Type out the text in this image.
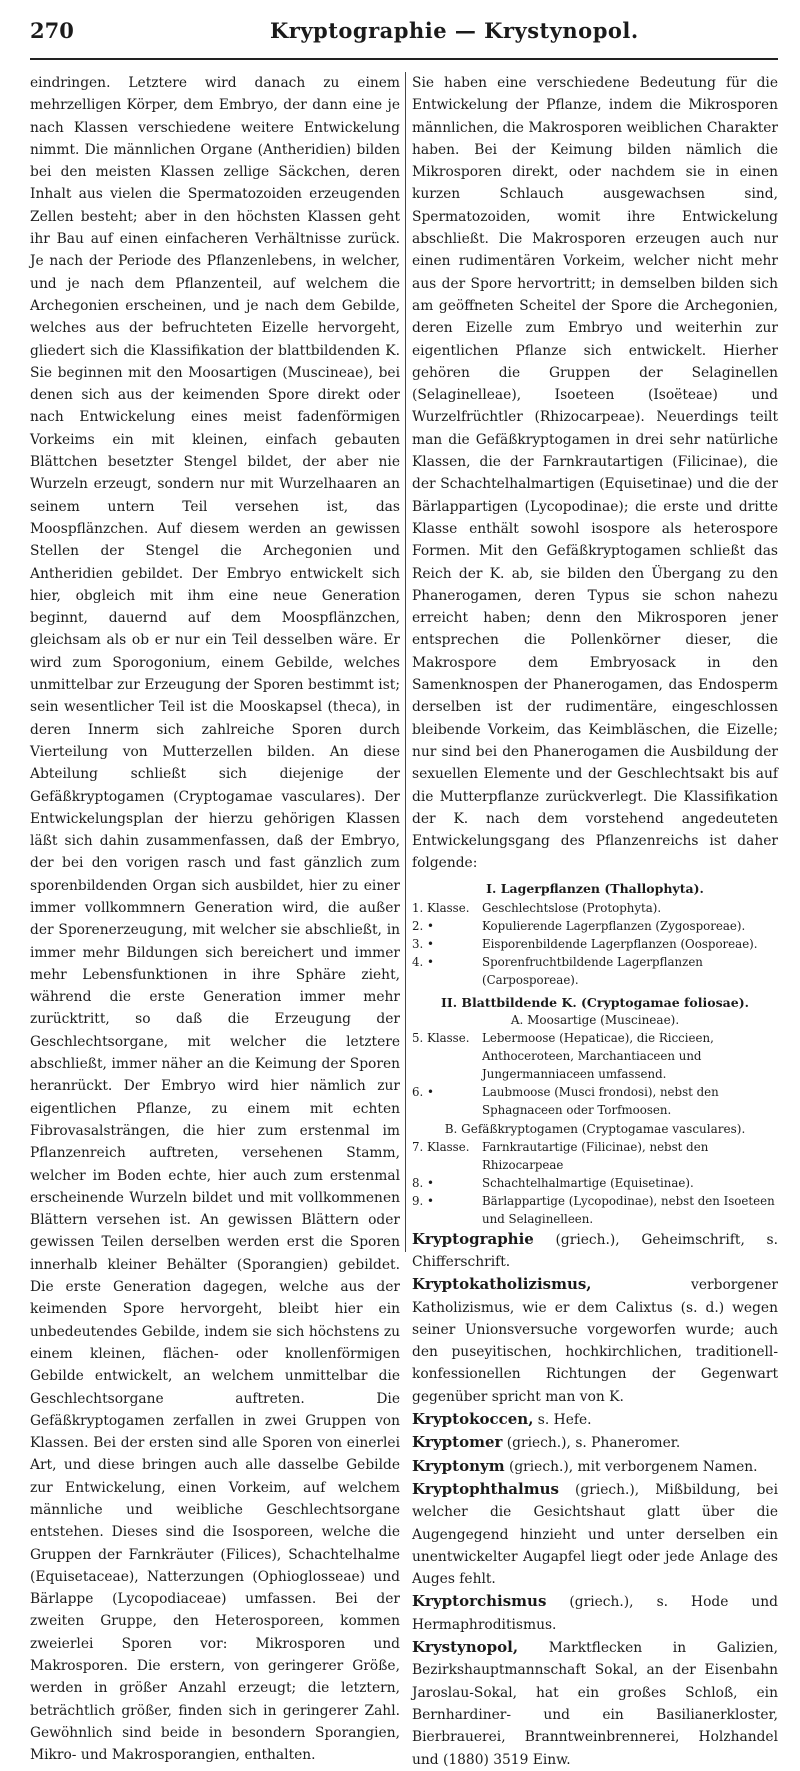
270	Kryptographie — Krystynopol.

eindringen. Letztere wird danach zu einem mehrzelligen Körper, dem Embryo, der dann eine je nach Klassen verschiedene weitere Entwickelung nimmt. Die männlichen Organe (Antheridien) bilden bei den meisten Klassen zellige Säckchen, deren Inhalt aus vielen die Spermatozoiden erzeugenden Zellen besteht; aber in den höchsten Klassen geht ihr Bau auf einen einfacheren Verhältnisse zurück. Je nach der Periode des Pflanzenlebens, in welcher, und je nach dem Pflanzenteil, auf welchem die Archegonien erscheinen, und je nach dem Gebilde, welches aus der befruchteten Eizelle hervorgeht, gliedert sich die Klassifikation der blattbildenden K. Sie beginnen mit den Moosartigen (Muscineae), bei denen sich aus der keimenden Spore direkt oder nach Entwickelung eines meist fadenförmigen Vorkeims ein mit kleinen, einfach gebauten Blättchen besetzter Stengel bildet, der aber nie Wurzeln erzeugt, sondern nur mit Wurzelhaaren an seinem untern Teil versehen ist, das Moospflänzchen. Auf diesem werden an gewissen Stellen der Stengel die Archegonien und Antheridien gebildet. Der Embryo entwickelt sich hier, obgleich mit ihm eine neue Generation beginnt, dauernd auf dem Moospflänzchen, gleichsam als ob er nur ein Teil desselben wäre. Er wird zum Sporogonium, einem Gebilde, welches unmittelbar zur Erzeugung der Sporen bestimmt ist; sein wesentlicher Teil ist die Mooskapsel (theca), in deren Innerm sich zahlreiche Sporen durch Vierteilung von Mutterzellen bilden. An diese Abteilung schließt sich diejenige der Gefäßkryptogamen (Cryptogamae vasculares). Der Entwickelungsplan der hierzu gehörigen Klassen läßt sich dahin zusammenfassen, daß der Embryo, der bei den vorigen rasch und fast gänzlich zum sporenbildenden Organ sich ausbildet, hier zu einer immer vollkommnern Generation wird, die außer der Sporenerzeugung, mit welcher sie abschließt, in immer mehr Bildungen sich bereichert und immer mehr Lebensfunktionen in ihre Sphäre zieht, während die erste Generation immer mehr zurücktritt, so daß die Erzeugung der Geschlechtsorgane, mit welcher die letztere abschließt, immer näher an die Keimung der Sporen heranrückt. Der Embryo wird hier nämlich zur eigentlichen Pflanze, zu einem mit echten Fibrovasalsträngen, die hier zum erstenmal im Pflanzenreich auftreten, versehenen Stamm, welcher im Boden echte, hier auch zum erstenmal erscheinende Wurzeln bildet und mit vollkommenen Blättern versehen ist. An gewissen Blättern oder gewissen Teilen derselben werden erst die Sporen innerhalb kleiner Behälter (Sporangien) gebildet. Die erste Generation dagegen, welche aus der keimenden Spore hervorgeht, bleibt hier ein unbedeutendes Gebilde, indem sie sich höchstens zu einem kleinen, flächen- oder knollenförmigen Gebilde entwickelt, an welchem unmittelbar die Geschlechtsorgane auftreten. Die Gefäßkryptogamen zerfallen in zwei Gruppen von Klassen. Bei der ersten sind alle Sporen von einerlei Art, und diese bringen auch alle dasselbe Gebilde zur Entwickelung, einen Vorkeim, auf welchem männliche und weibliche Geschlechtsorgane entstehen. Dieses sind die Isosporeen, welche die Gruppen der Farnkräuter (Filices), Schachtelhalme (Equisetaceae), Natterzungen (Ophioglosseae) und Bärlappe (Lycopodiaceae) umfassen. Bei der zweiten Gruppe, den Heterosporeen, kommen zweierlei Sporen vor: Mikrosporen und Makrosporen. Die erstern, von geringerer Größe, werden in größer Anzahl erzeugt; die letztern, beträchtlich größer, finden sich in geringerer Zahl. Gewöhnlich sind beide in besondern Sporangien, Mikro- und Makrosporangien, enthalten.

Sie haben eine verschiedene Bedeutung für die Entwickelung der Pflanze, indem die Mikrosporen männlichen, die Makrosporen weiblichen Charakter haben. Bei der Keimung bilden nämlich die Mikrosporen direkt, oder nachdem sie in einen kurzen Schlauch ausgewachsen sind, Spermatozoiden, womit ihre Entwickelung abschließt. Die Makrosporen erzeugen auch nur einen rudimentären Vorkeim, welcher nicht mehr aus der Spore hervortritt; in demselben bilden sich am geöffneten Scheitel der Spore die Archegonien, deren Eizelle zum Embryo und weiterhin zur eigentlichen Pflanze sich entwickelt. Hierher gehören die Gruppen der Selaginellen (Selaginelleae), Isoeteen (Isoëteae) und Wurzelfrüchtler (Rhizocarpeae). Neuerdings teilt man die Gefäßkryptogamen in drei sehr natürliche Klassen, die der Farnkrautartigen (Filicinae), die der Schachtelhalmartigen (Equisetinae) und die der Bärlappartigen (Lycopodinae); die erste und dritte Klasse enthält sowohl isospore als heterospore Formen. Mit den Gefäßkryptogamen schließt das Reich der K. ab, sie bilden den Übergang zu den Phanerogamen, deren Typus sie schon nahezu erreicht haben; denn den Mikrosporen jener entsprechen die Pollenkörner dieser, die Makrospore dem Embryosack in den Samenknospen der Phanerogamen, das Endosperm derselben ist der rudimentäre, eingeschlossen bleibende Vorkeim, das Keimbläschen, die Eizelle; nur sind bei den Phanerogamen die Ausbildung der sexuellen Elemente und der Geschlechtsakt bis auf die Mutterpflanze zurückverlegt. Die Klassifikation der K. nach dem vorstehend angedeuteten Entwickelungsgang des Pflanzenreichs ist daher folgende:

I. Lagerpflanzen (Thallophyta).
1. Klasse.	Geschlechtslose (Protophyta).
2. •	Kopulierende Lagerpflanzen (Zygosporeae).
3. •	Eisporenbildende Lagerpflanzen (Oosporeae).
4. •	Sporenfruchtbildende Lagerpflanzen (Carposporeae).
II. Blattbildende K. (Cryptogamae foliosae).
A. Moosartige (Muscineae).
5. Klasse.	Lebermoose (Hepaticae), die Riccieen, Anthoceroteen, Marchantiaceen und Jungermanniaceen umfassend.
6. •	Laubmoose (Musci frondosi), nebst den Sphagnaceen oder Torfmoosen.
B. Gefäßkryptogamen (Cryptogamae vasculares).
7. Klasse.	Farnkrautartige (Filicinae), nebst den Rhizocarpeae
8. •	Schachtelhalmartige (Equisetinae).
9. •	Bärlappartige (Lycopodinae), nebst den Isoeteen und Selaginelleen.

Kryptographie (griech.), Geheimschrift, s. Chifferschrift.

Kryptokatholizismus, verborgener Katholizismus, wie er dem Calixtus (s. d.) wegen seiner Unionsversuche vorgeworfen wurde; auch den puseyitischen, hochkirchlichen, traditionell-konfessionellen Richtungen der Gegenwart gegenüber spricht man von K.

Kryptokoccen, s. Hefe.

Kryptomer (griech.), s. Phaneromer.

Kryptonym (griech.), mit verborgenem Namen.

Kryptophthalmus (griech.), Mißbildung, bei welcher die Gesichtshaut glatt über die Augengegend hinzieht und unter derselben ein unentwickelter Augapfel liegt oder jede Anlage des Auges fehlt.

Kryptorchismus (griech.), s. Hode und Hermaphroditismus.

Krystynopol, Marktflecken in Galizien, Bezirkshauptmannschaft Sokal, an der Eisenbahn Jaroslau-Sokal, hat ein großes Schloß, ein Bernhardiner- und ein Basilianerkloster, Bierbrauerei, Branntweinbrennerei, Holzhandel und (1880) 3519 Einw.
